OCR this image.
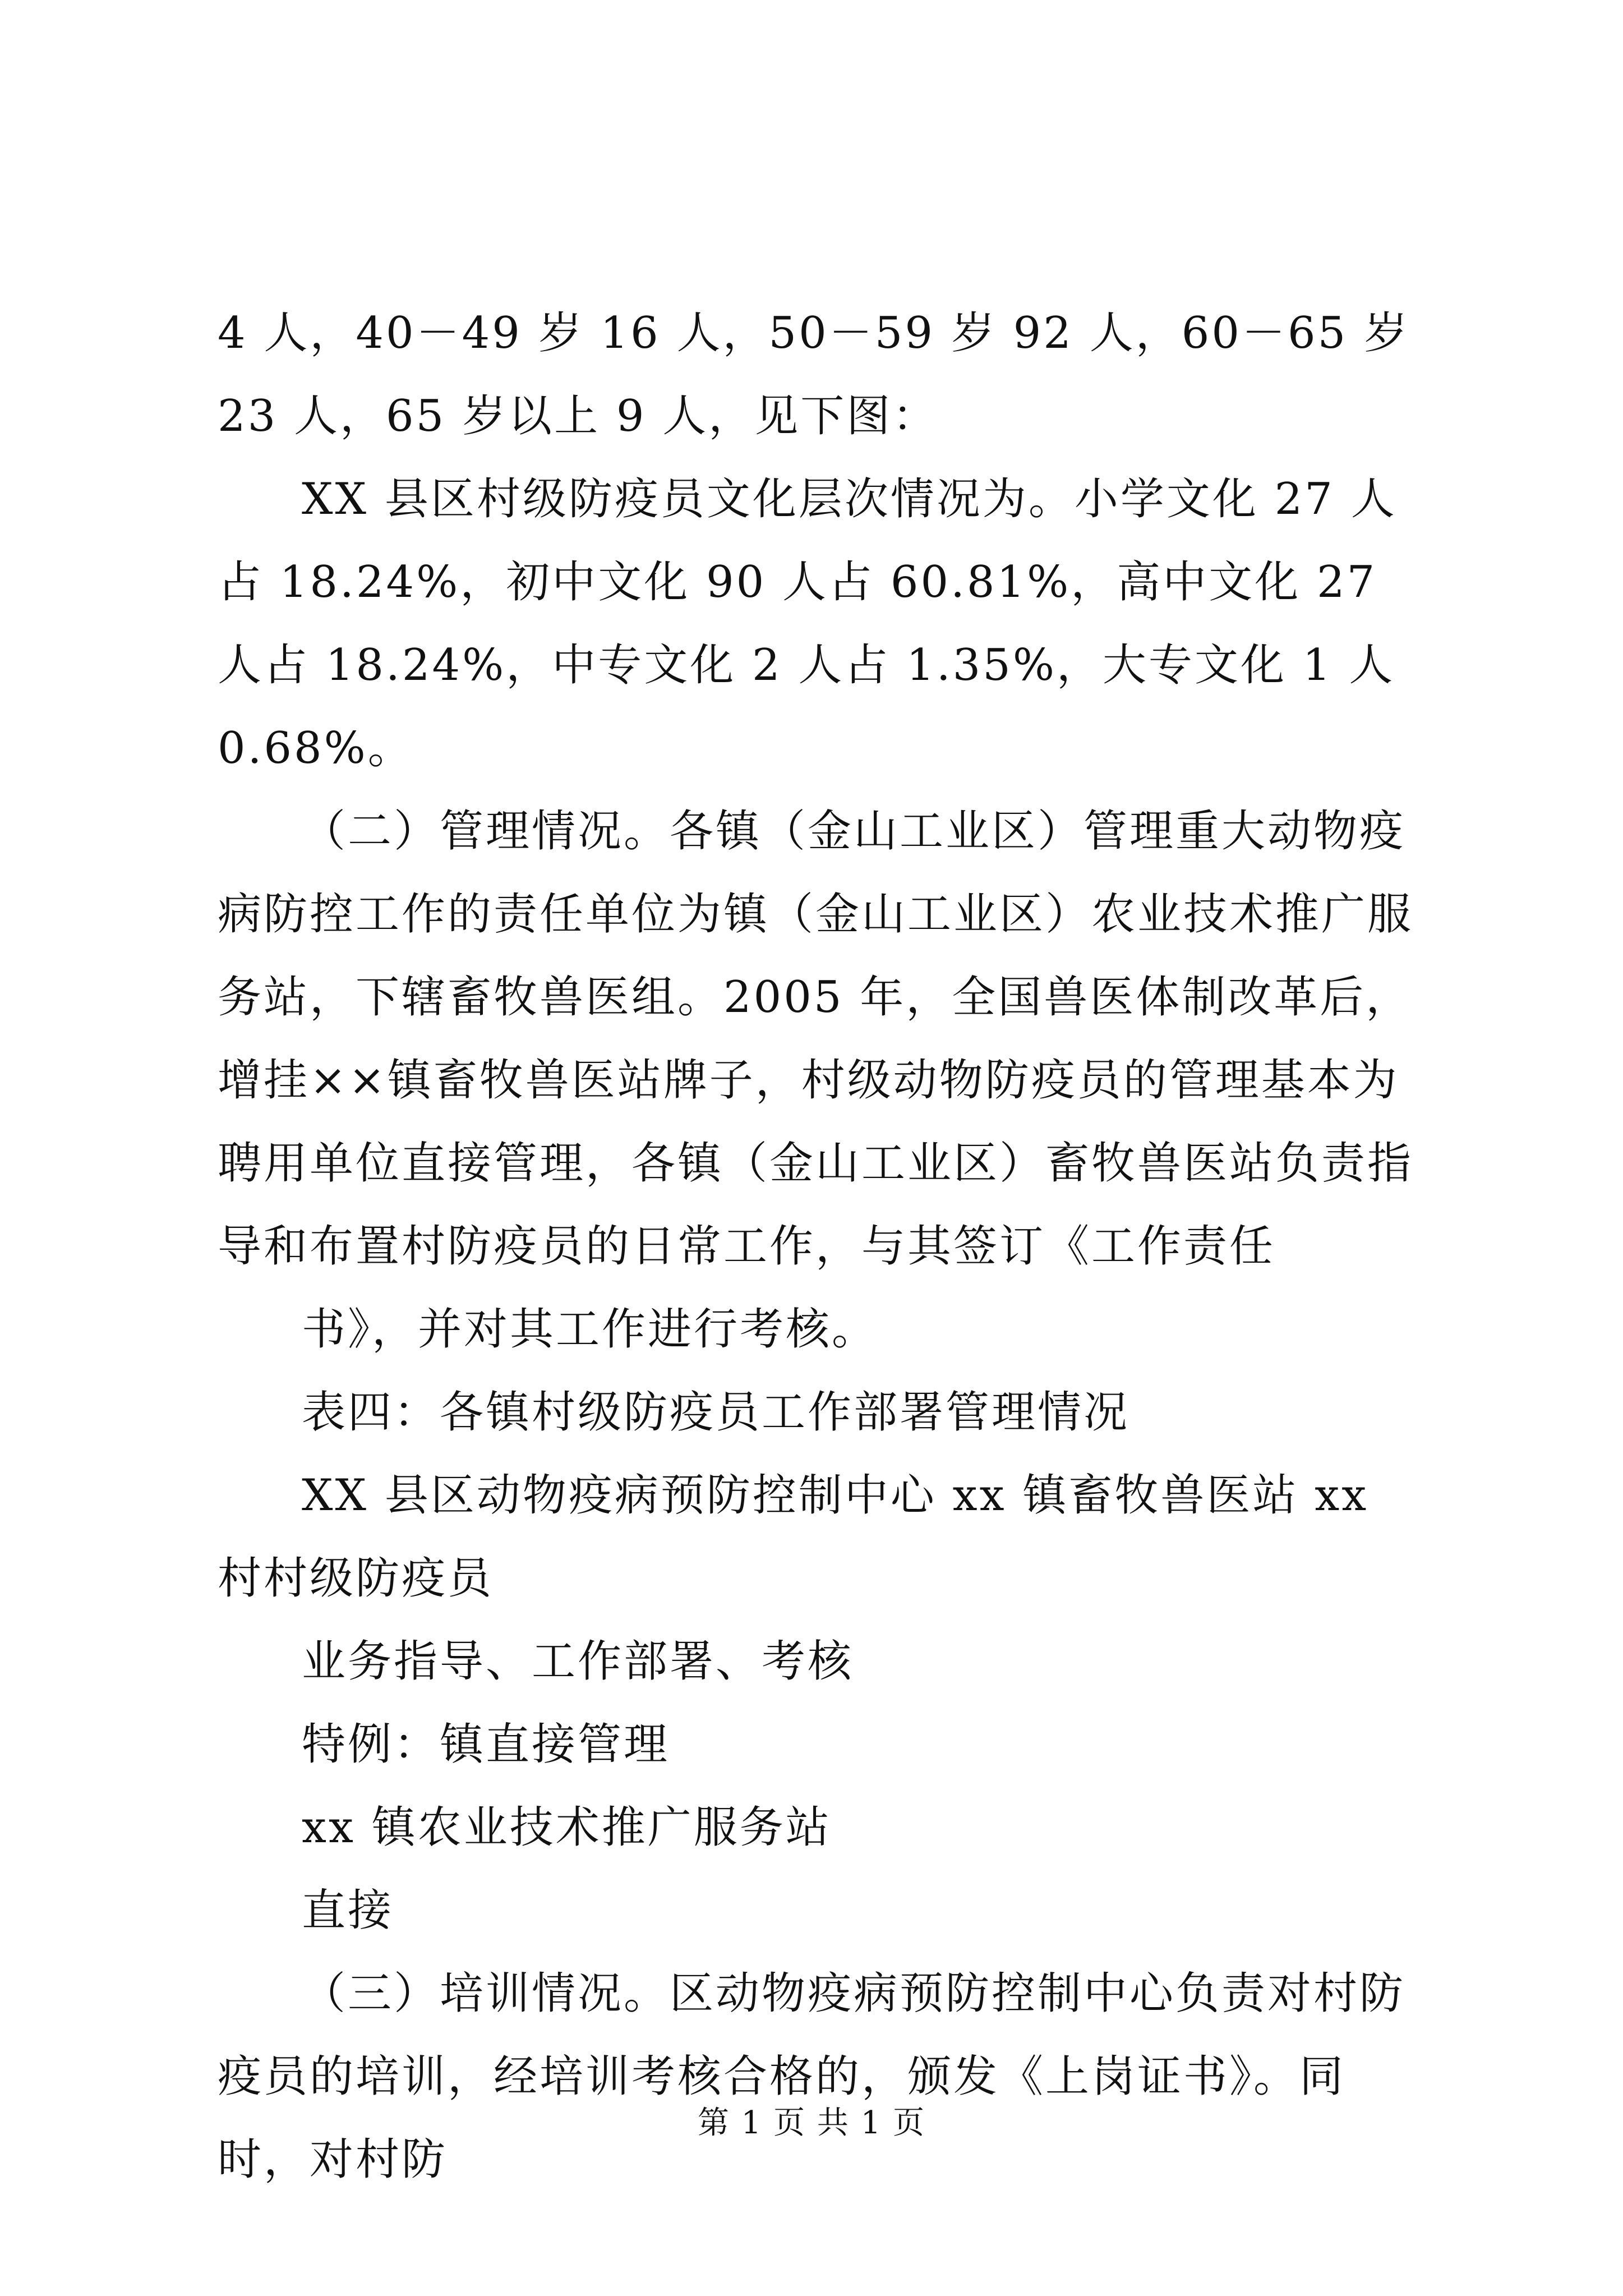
4 人，40－49 岁 16 人，50－59 岁 92 人，60－65 岁 23 人，65 岁以上 9 人，见下图：

XX 县区村级防疫员文化层次情况为。小学文化 27 人占 18.24%，初中文化 90 人占 60.81%，高中文化 27 人占 18.24%，中专文化 2 人占 1.35%，大专文化 1 人 0.68%。

（二）管理情况。各镇（金山工业区）管理重大动物疫病防控工作的责任单位为镇（金山工业区）农业技术推广服务站，下辖畜牧兽医组。2005 年，全国兽医体制改革后，增挂××镇畜牧兽医站牌子，村级动物防疫员的管理基本为聘用单位直接管理，各镇（金山工业区）畜牧兽医站负责指导和布置村防疫员的日常工作，与其签订《工作责任

书》，并对其工作进行考核。

表四：各镇村级防疫员工作部署管理情况

XX 县区动物疫病预防控制中心 xx 镇畜牧兽医站 xx 村村级防疫员

业务指导、工作部署、考核

特例：镇直接管理

xx 镇农业技术推广服务站

直接

（三）培训情况。区动物疫病预防控制中心负责对村防疫员的培训，经培训考核合格的，颁发《上岗证书》。同时，对村防

第 1 页 共 1 页
